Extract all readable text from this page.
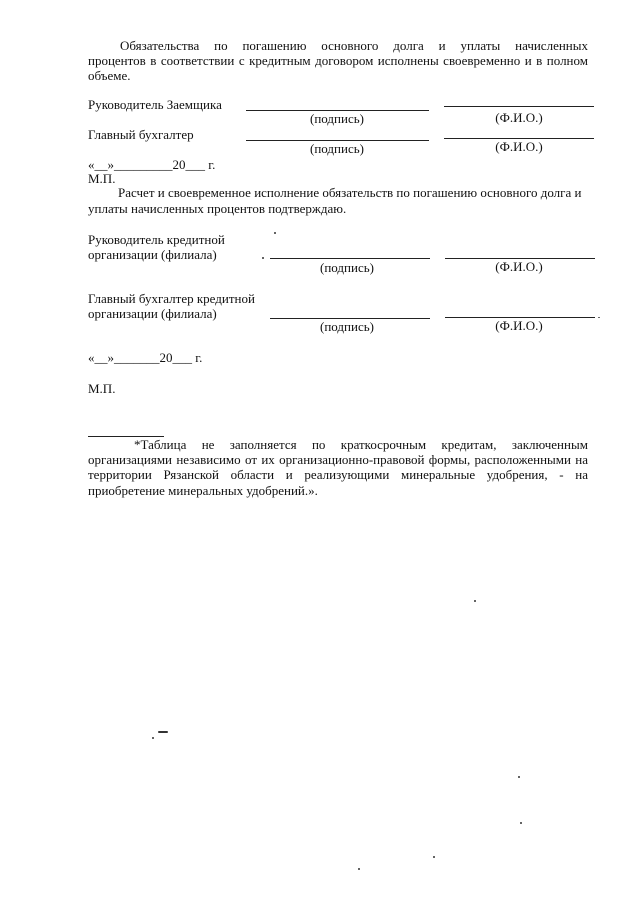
Обязательства по погашению основного долга и уплаты начисленных
процентов в соответствии с кредитным договором исполнены своевременно и в полном объеме.
Руководитель Заемщика
(подпись)	(Ф.И.О.)
Главный бухгалтер
(подпись)	(Ф.И.О.)
«__»_________20___ г.
М.П.
Расчет и своевременное исполнение обязательств по погашению основного долга и
уплаты начисленных процентов подтверждаю.
Руководитель кредитной
организации (филиала)
(подпись)	(Ф.И.О.)
Главный бухгалтер кредитной
организации (филиала)
(подпись)	(Ф.И.О.)
«__»_______20___ г.
М.П.
*Таблица не заполняется по краткосрочным кредитам, заключенным
организациями независимо от их организационно-правовой формы, расположенными на
территории Рязанской области и реализующими минеральные удобрения, - на
приобретение минеральных удобрений.».
